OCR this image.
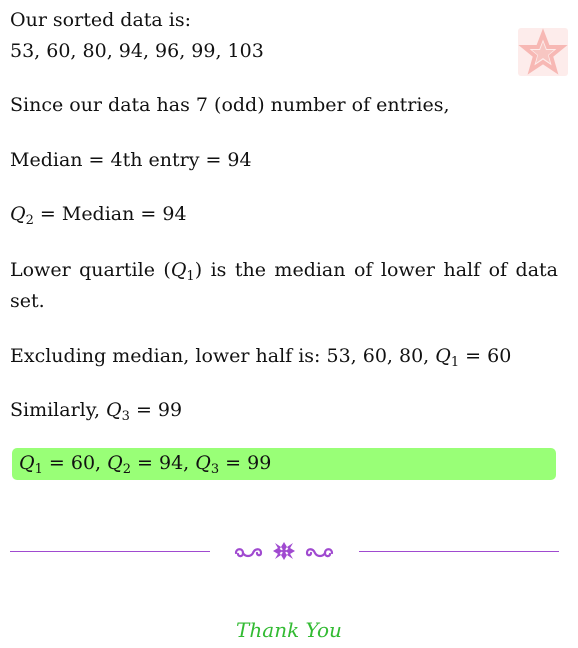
Our sorted data is:
53, 60, 80, 94, 96, 99, 103
Since our data has 7 (odd) number of entries,
Median = 4th entry = 94
$Q_2$ = Median = 94
Lower quartile $(Q_1)$ is the median of lower half of data
set.
Excluding median, lower half is: 53, 60, 80, $Q_1 = 60$
Similarly, $Q_3 = 99$
$Q_1 = 60$, $Q_2 = 94$, $Q_3 = 99$
Thank You
